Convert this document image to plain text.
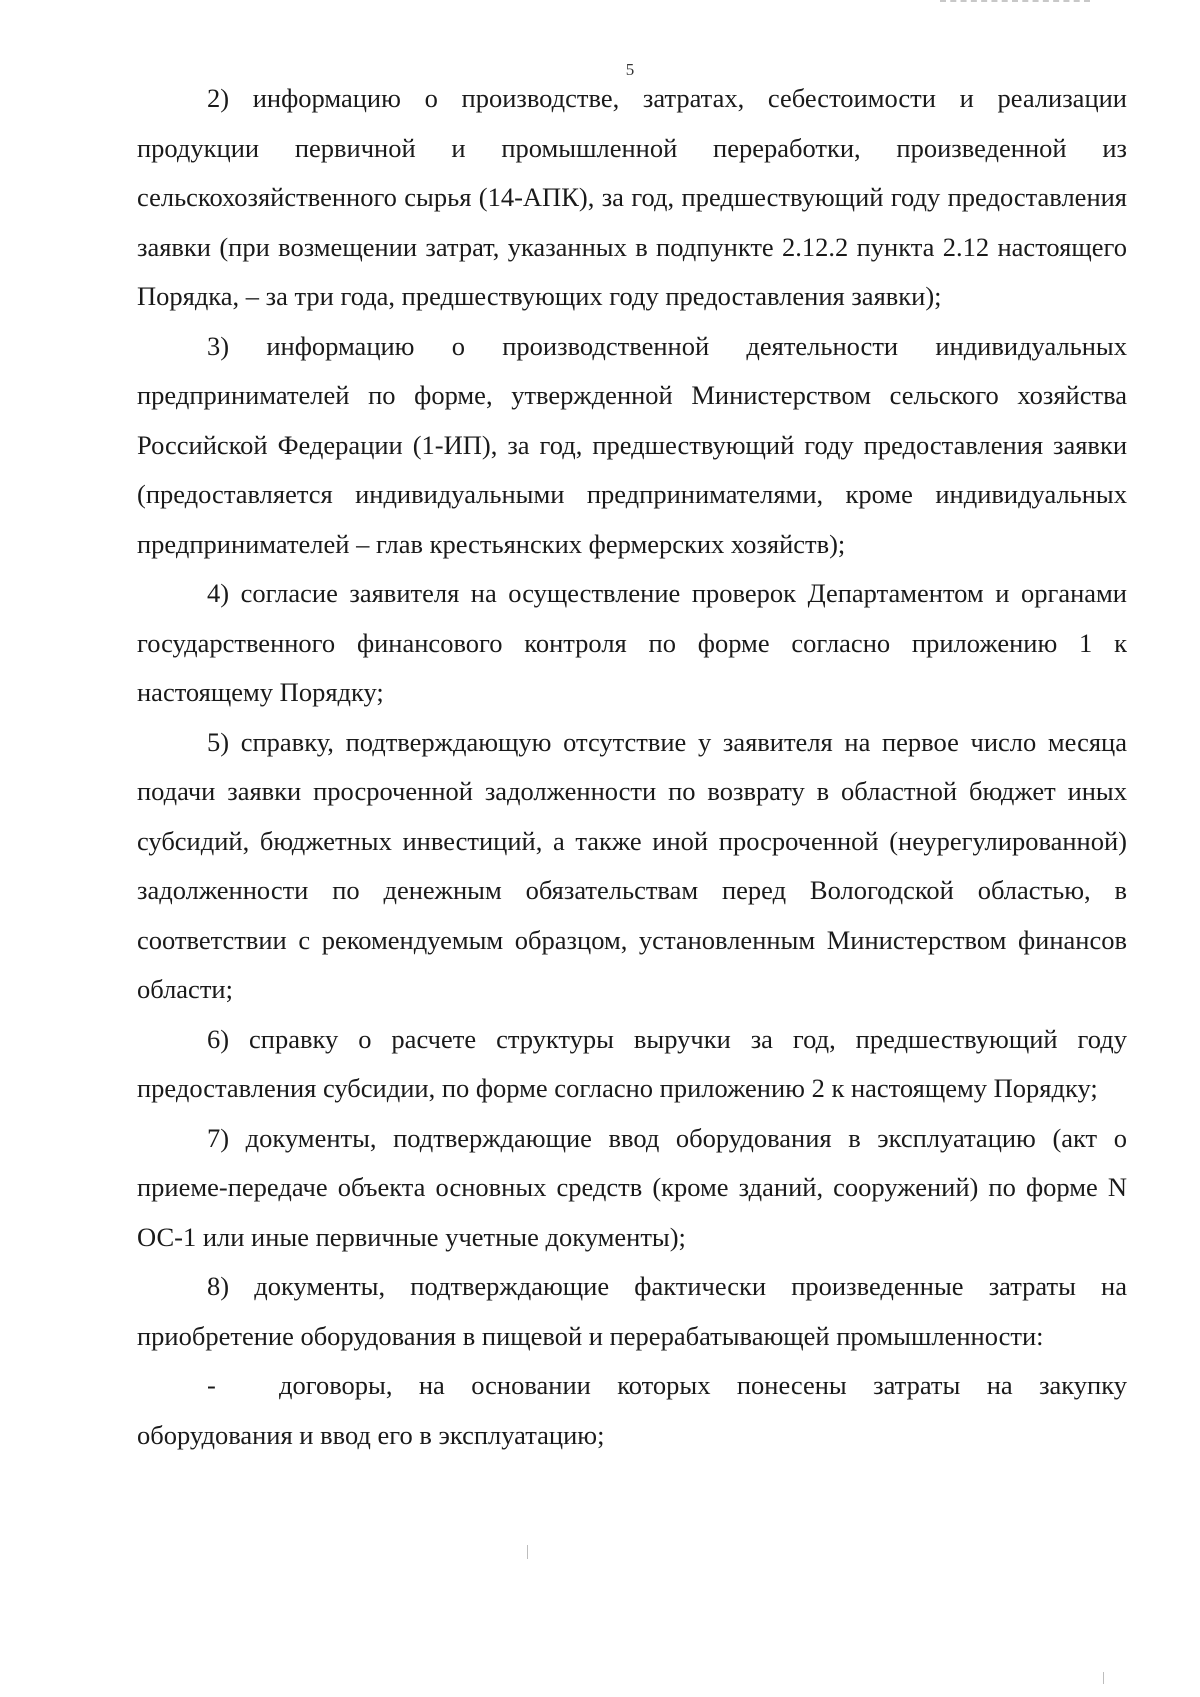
5

2) информацию о производстве, затратах, себестоимости и реализации продукции первичной и промышленной переработки, произведенной из сельскохозяйственного сырья (14-АПК), за год, предшествующий году предоставления заявки (при возмещении затрат, указанных в подпункте 2.12.2 пункта 2.12 настоящего Порядка, – за три года, предшествующих году предоставления заявки);

3) информацию о производственной деятельности индивидуальных предпринимателей по форме, утвержденной Министерством сельского хозяйства Российской Федерации (1-ИП), за год, предшествующий году предоставления заявки (предоставляется индивидуальными предпринимателями, кроме индивидуальных предпринимателей – глав крестьянских фермерских хозяйств);

4) согласие заявителя на осуществление проверок Департаментом и органами государственного финансового контроля по форме согласно приложению 1 к настоящему Порядку;

5) справку, подтверждающую отсутствие у заявителя на первое число месяца подачи заявки просроченной задолженности по возврату в областной бюджет иных субсидий, бюджетных инвестиций, а также иной просроченной (неурегулированной) задолженности по денежным обязательствам перед Вологодской областью, в соответствии с рекомендуемым образцом, установленным Министерством финансов области;

6) справку о расчете структуры выручки за год, предшествующий году предоставления субсидии, по форме согласно приложению 2 к настоящему Порядку;

7) документы, подтверждающие ввод оборудования в эксплуатацию (акт о приеме-передаче объекта основных средств (кроме зданий, сооружений) по форме N ОС-1 или иные первичные учетные документы);

8) документы, подтверждающие фактически произведенные затраты на приобретение оборудования в пищевой и перерабатывающей промышленности:

- договоры, на основании которых понесены затраты на закупку оборудования и ввод его в эксплуатацию;
